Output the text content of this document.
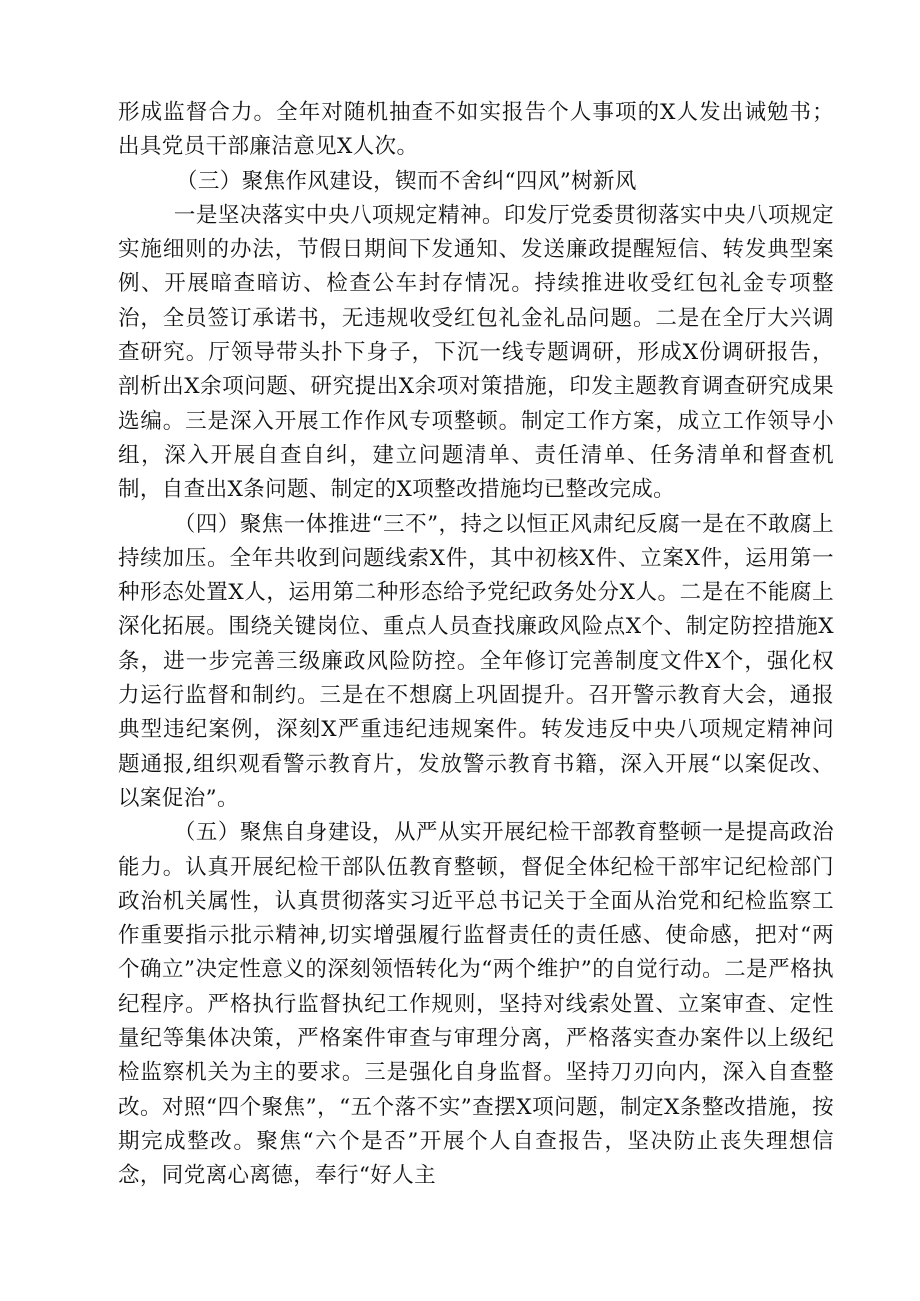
形成监督合力。全年对随机抽查不如实报告个人事项的X人发出诫勉书；出具党员干部廉洁意见X人次。

（三）聚焦作风建设，锲而不舍纠“四风”树新风

一是坚决落实中央八项规定精神。印发厅党委贯彻落实中央八项规定实施细则的办法，节假日期间下发通知、发送廉政提醒短信、转发典型案例、开展暗查暗访、检查公车封存情况。持续推进收受红包礼金专项整治，全员签订承诺书，无违规收受红包礼金礼品问题。二是在全厅大兴调查研究。厅领导带头扑下身子，下沉一线专题调研，形成X份调研报告，剖析出X余项问题、研究提出X余项对策措施，印发主题教育调查研究成果选编。三是深入开展工作作风专项整顿。制定工作方案，成立工作领导小组，深入开展自查自纠，建立问题清单、责任清单、任务清单和督查机制，自查出X条问题、制定的X项整改措施均已整改完成。

（四）聚焦一体推进“三不”，持之以恒正风肃纪反腐一是在不敢腐上持续加压。全年共收到问题线索X件，其中初核X件、立案X件，运用第一种形态处置X人，运用第二种形态给予党纪政务处分X人。二是在不能腐上深化拓展。围绕关键岗位、重点人员查找廉政风险点X个、制定防控措施X条，进一步完善三级廉政风险防控。全年修订完善制度文件X个，强化权力运行监督和制约。三是在不想腐上巩固提升。召开警示教育大会，通报典型违纪案例，深刻X严重违纪违规案件。转发违反中央八项规定精神问题通报,组织观看警示教育片，发放警示教育书籍，深入开展“以案促改、以案促治”。

（五）聚焦自身建设，从严从实开展纪检干部教育整顿一是提高政治能力。认真开展纪检干部队伍教育整顿，督促全体纪检干部牢记纪检部门政治机关属性，认真贯彻落实习近平总书记关于全面从治党和纪检监察工作重要指示批示精神,切实增强履行监督责任的责任感、使命感，把对“两个确立”决定性意义的深刻领悟转化为“两个维护”的自觉行动。二是严格执纪程序。严格执行监督执纪工作规则，坚持对线索处置、立案审查、定性量纪等集体决策，严格案件审查与审理分离，严格落实查办案件以上级纪检监察机关为主的要求。三是强化自身监督。坚持刀刃向内，深入自查整改。对照“四个聚焦”，“五个落不实”查摆X项问题，制定X条整改措施，按期完成整改。聚焦“六个是否”开展个人自查报告，坚决防止丧失理想信念，同党离心离德，奉行“好人主
